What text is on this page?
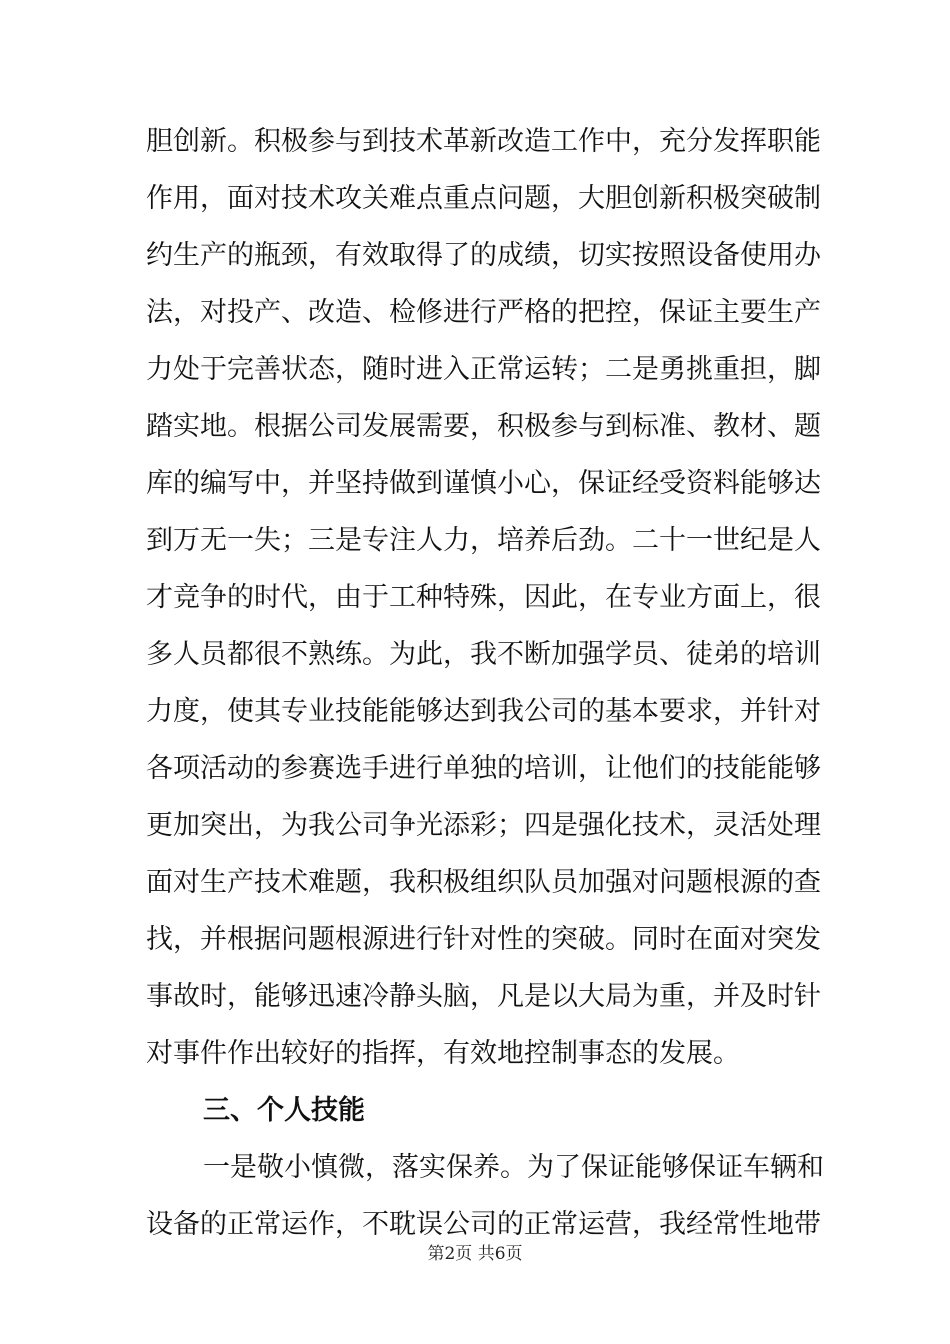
胆创新。积极参与到技术革新改造工作中，充分发挥职能
作用，面对技术攻关难点重点问题，大胆创新积极突破制
约生产的瓶颈，有效取得了的成绩，切实按照设备使用办
法，对投产、改造、检修进行严格的把控，保证主要生产
力处于完善状态，随时进入正常运转；二是勇挑重担，脚
踏实地。根据公司发展需要，积极参与到标准、教材、题
库的编写中，并坚持做到谨慎小心，保证经受资料能够达
到万无一失；三是专注人力，培养后劲。二十一世纪是人
才竞争的时代，由于工种特殊，因此，在专业方面上，很
多人员都很不熟练。为此，我不断加强学员、徒弟的培训
力度，使其专业技能能够达到我公司的基本要求，并针对
各项活动的参赛选手进行单独的培训，让他们的技能能够
更加突出，为我公司争光添彩；四是强化技术，灵活处理
面对生产技术难题，我积极组织队员加强对问题根源的查
找，并根据问题根源进行针对性的突破。同时在面对突发
事故时，能够迅速冷静头脑，凡是以大局为重，并及时针
对事件作出较好的指挥，有效地控制事态的发展。
三、个人技能
一是敬小慎微，落实保养。为了保证能够保证车辆和
设备的正常运作，不耽误公司的正常运营，我经常性地带
第2页 共6页
